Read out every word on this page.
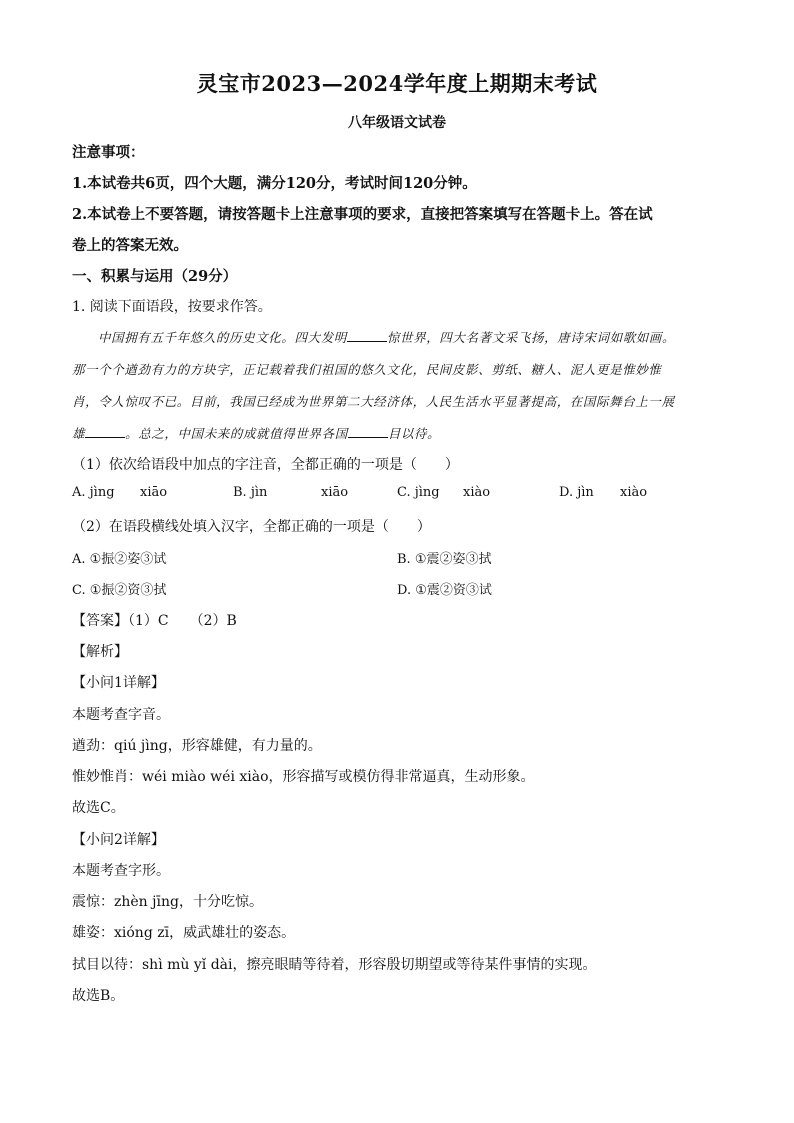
灵宝市2023—2024学年度上期期末考试
八年级语文试卷
注意事项：
1.本试卷共6页，四个大题，满分120分，考试时间120分钟。
2.本试卷上不要答题，请按答题卡上注意事项的要求，直接把答案填写在答题卡上。答在试
卷上的答案无效。
一、积累与运用（29分）
1. 阅读下面语段，按要求作答。
中国拥有五千年悠久的历史文化。四大发明	惊世界，四大名著文采飞扬，唐诗宋词如歌如画。
那一个个遒劲有力的方块字，正记载着我们祖国的悠久文化，民间皮影、剪纸、糖人、泥人更是惟妙惟
肖，令人惊叹不已。目前，我国已经成为世界第二大经济体，人民生活水平显著提高，在国际舞台上一展
雄	。总之，中国未来的成就值得世界各国	目以待。
（1）依次给语段中加点的字注音，全都正确的一项是（　　）
A. jìng xiāo	B. jìn	xiāo	C. jìng xiào	D. jìn xiào
（2）在语段横线处填入汉字，全都正确的一项是（　　）
A. ①振②姿③试	B. ①震②姿③拭
C. ①振②资③拭	D. ①震②资③试
【答案】（1）C　　（2）B
【解析】
【小问1详解】
本题考查字音。
遒劲：qiú jìng，形容雄健，有力量的。
惟妙惟肖：wéi miào wéi xiào，形容描写或模仿得非常逼真，生动形象。
故选C。
【小问2详解】
本题考查字形。
震惊：zhèn jīng，十分吃惊。
雄姿：xióng zī，威武雄壮的姿态。
拭目以待：shì mù yǐ dài，擦亮眼睛等待着，形容殷切期望或等待某件事情的实现。
故选B。
